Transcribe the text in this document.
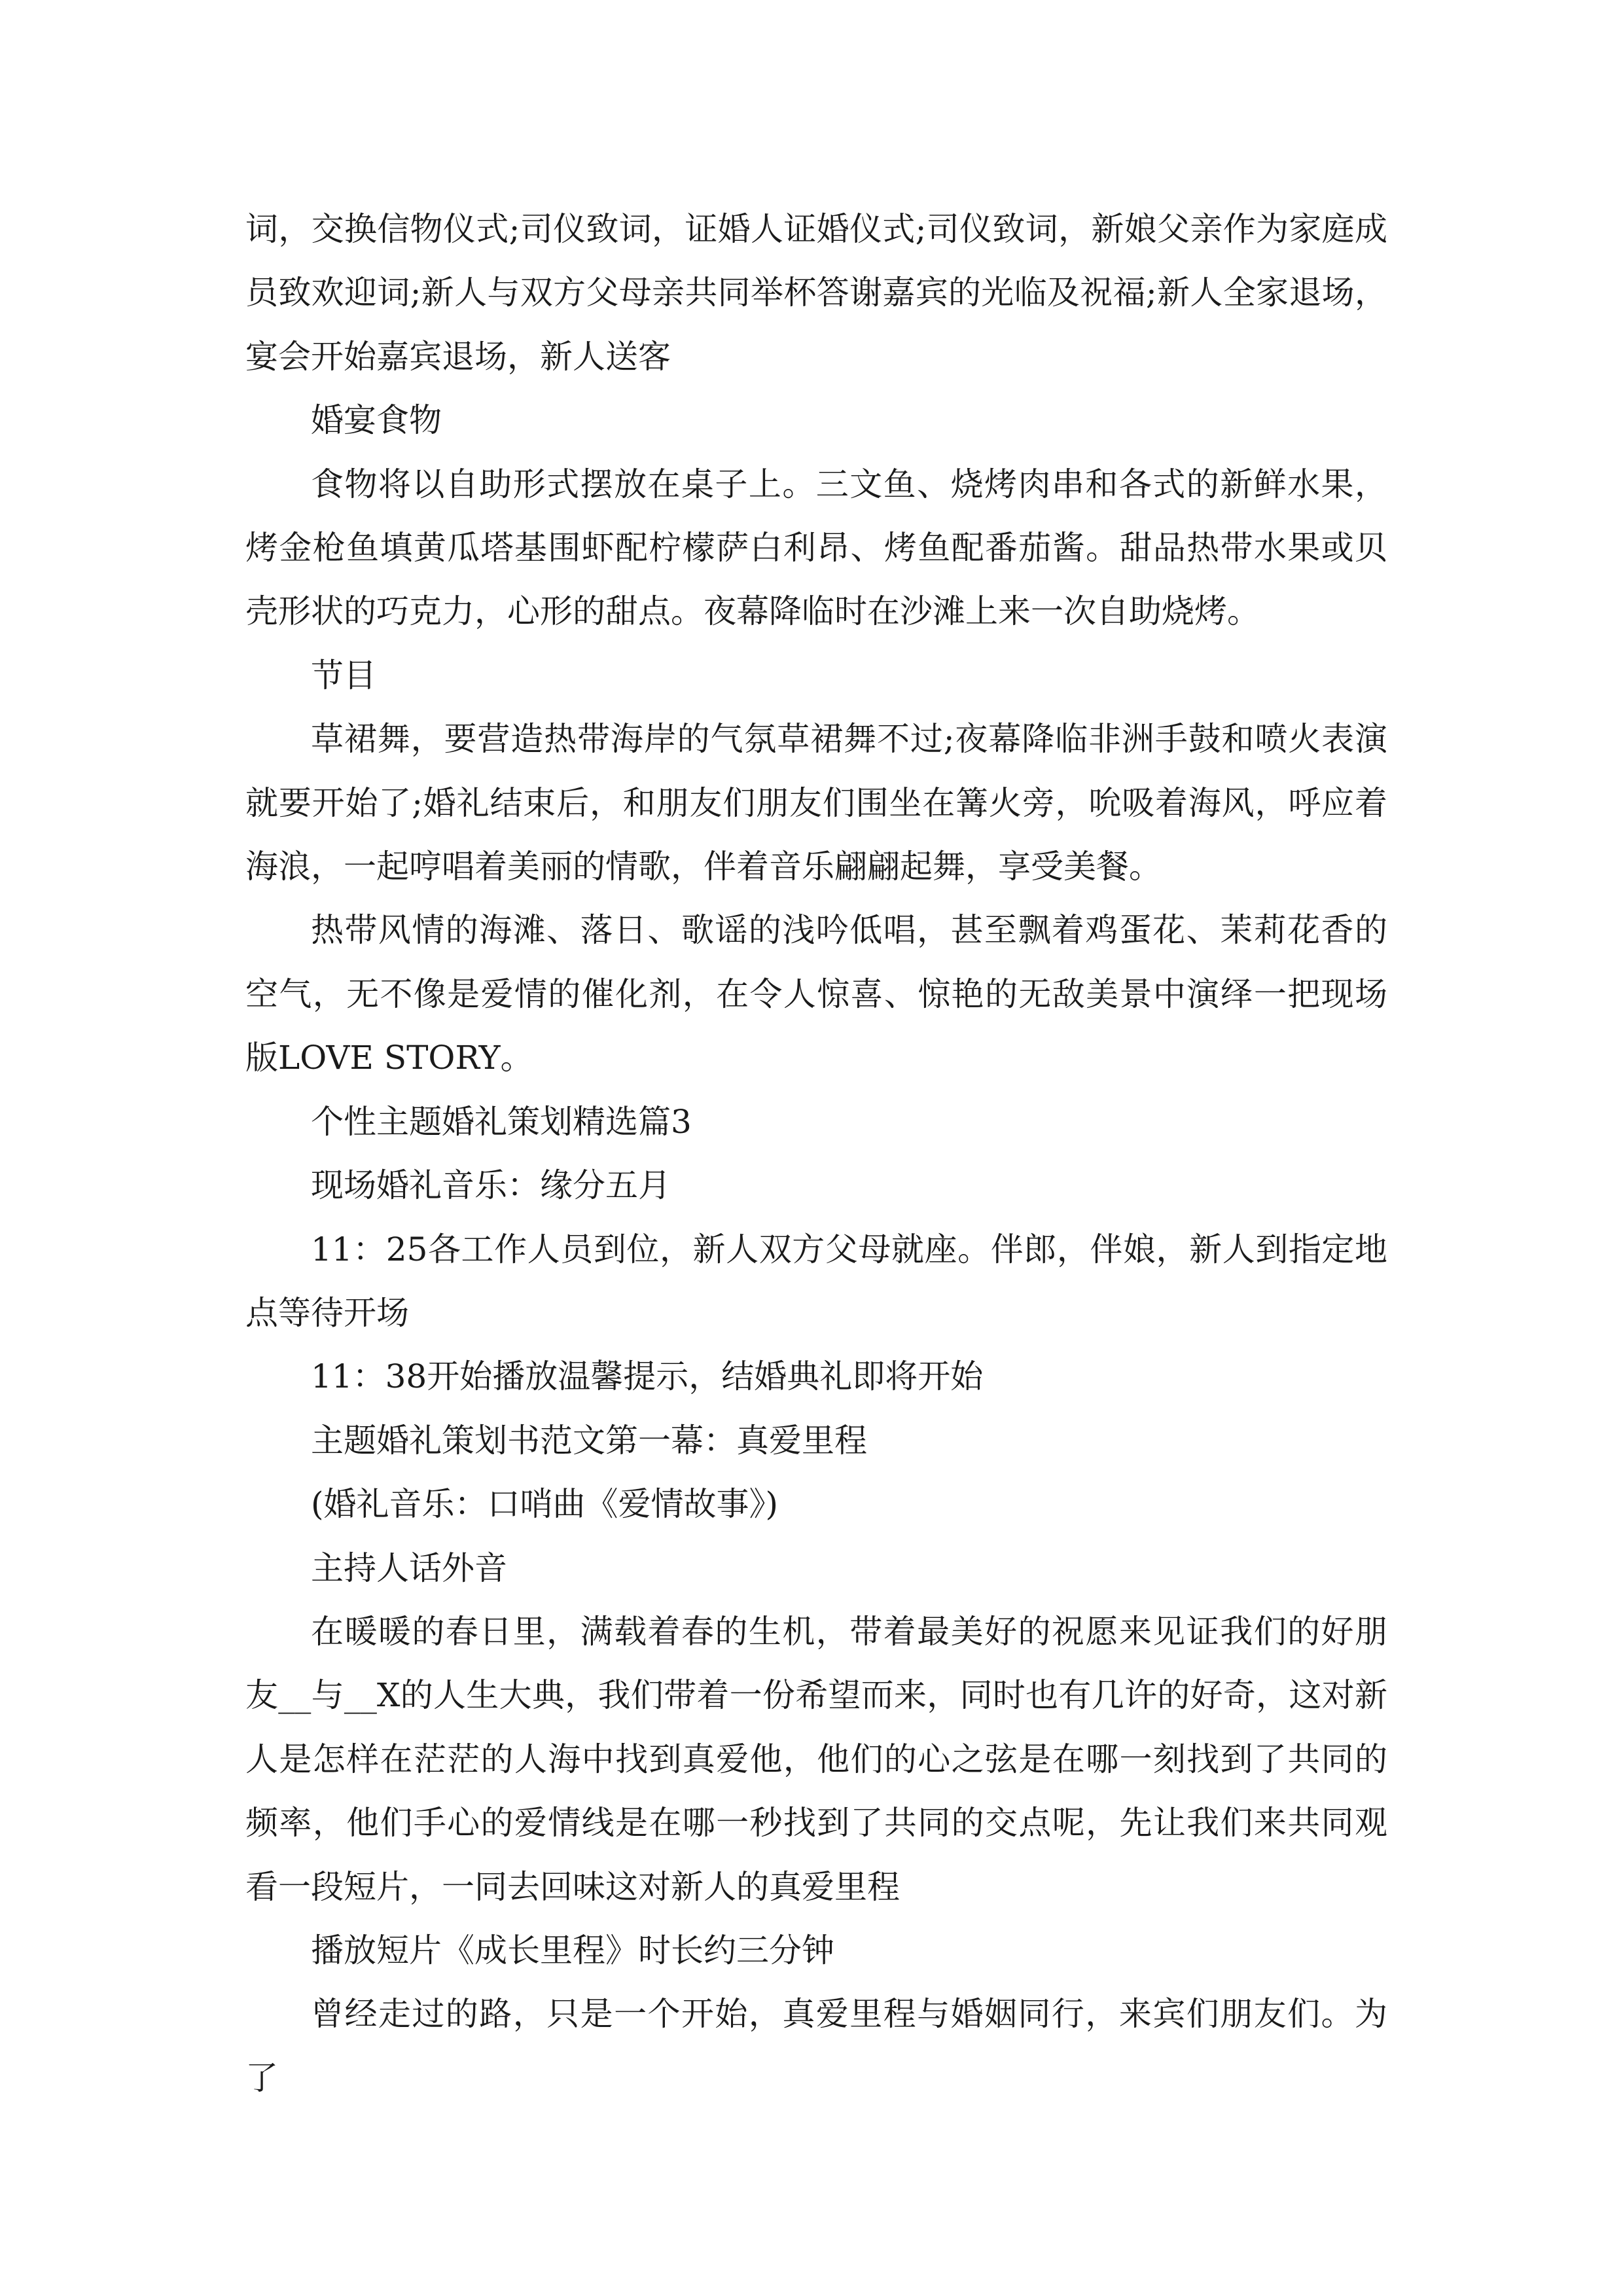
词，交换信物仪式;司仪致词，证婚人证婚仪式;司仪致词，新娘父亲作为家庭成员致欢迎词;新人与双方父母亲共同举杯答谢嘉宾的光临及祝福;新人全家退场，宴会开始嘉宾退场，新人送客

婚宴食物

食物将以自助形式摆放在桌子上。三文鱼、烧烤肉串和各式的新鲜水果，烤金枪鱼填黄瓜塔基围虾配柠檬萨白利昂、烤鱼配番茄酱。甜品热带水果或贝壳形状的巧克力，心形的甜点。夜幕降临时在沙滩上来一次自助烧烤。

节目

草裙舞，要营造热带海岸的气氛草裙舞不过;夜幕降临非洲手鼓和喷火表演就要开始了;婚礼结束后，和朋友们朋友们围坐在篝火旁，吮吸着海风，呼应着海浪，一起哼唱着美丽的情歌，伴着音乐翩翩起舞，享受美餐。

热带风情的海滩、落日、歌谣的浅吟低唱，甚至飘着鸡蛋花、茉莉花香的空气，无不像是爱情的催化剂，在令人惊喜、惊艳的无敌美景中演绎一把现场版LOVE STORY。

个性主题婚礼策划精选篇3

现场婚礼音乐：缘分五月

11：25各工作人员到位，新人双方父母就座。伴郎，伴娘，新人到指定地点等待开场

11：38开始播放温馨提示，结婚典礼即将开始

主题婚礼策划书范文第一幕：真爱里程

(婚礼音乐：口哨曲《爱情故事》)

主持人话外音

在暖暖的春日里，满载着春的生机，带着最美好的祝愿来见证我们的好朋友__与__X的人生大典，我们带着一份希望而来，同时也有几许的好奇，这对新人是怎样在茫茫的人海中找到真爱他，他们的心之弦是在哪一刻找到了共同的频率，他们手心的爱情线是在哪一秒找到了共同的交点呢，先让我们来共同观看一段短片，一同去回味这对新人的真爱里程

播放短片《成长里程》时长约三分钟

曾经走过的路，只是一个开始，真爱里程与婚姻同行，来宾们朋友们。为了
